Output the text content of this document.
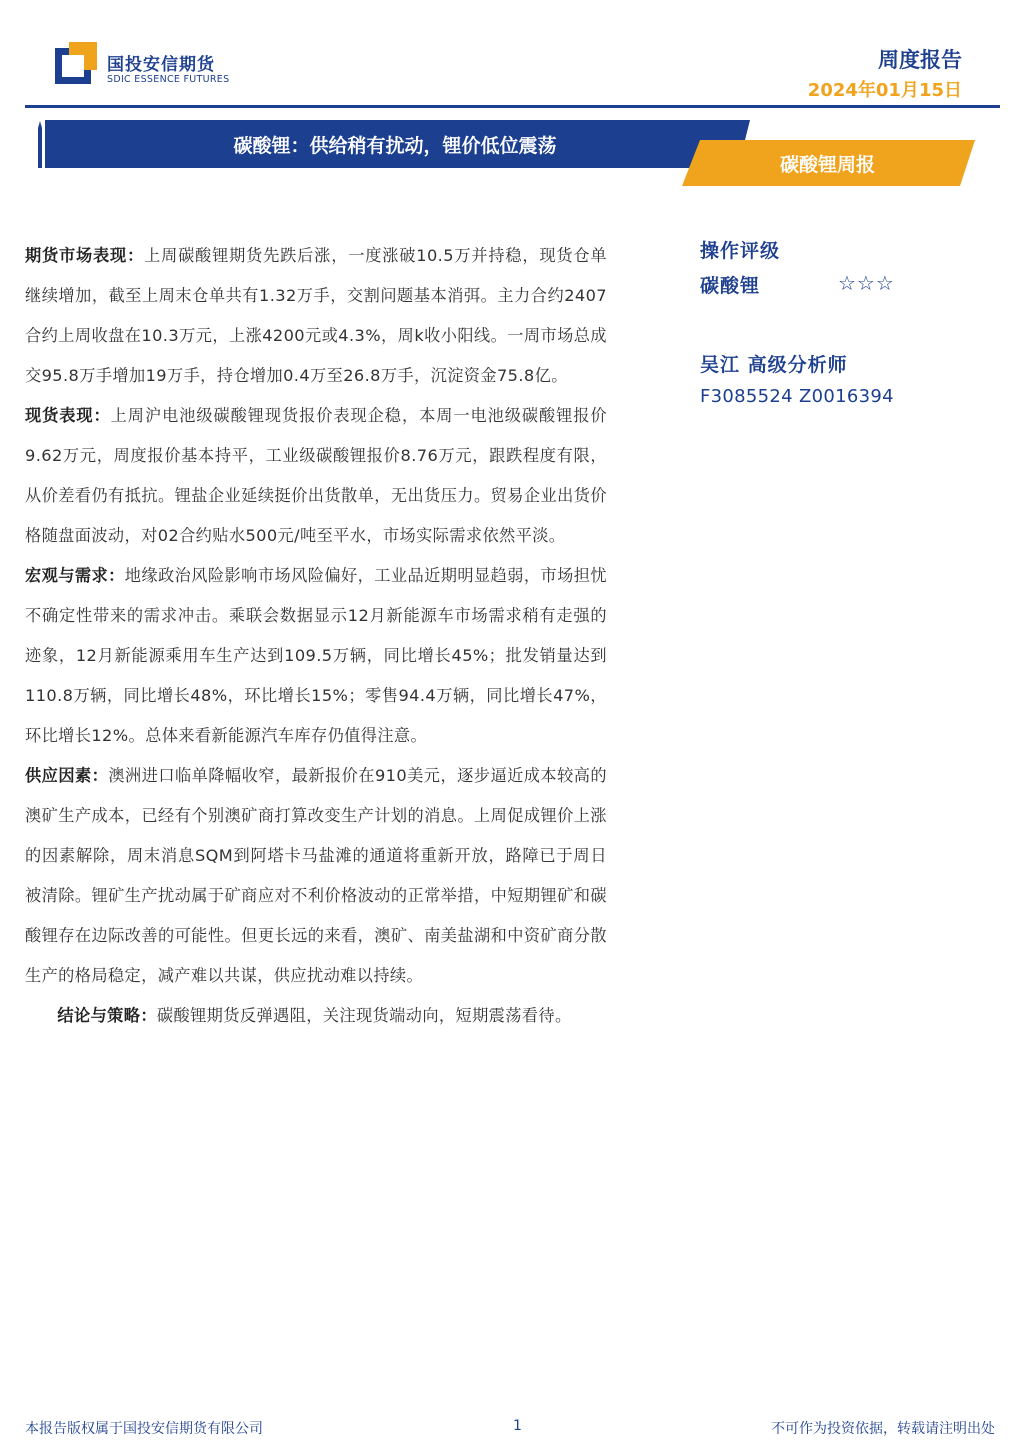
国投安信期货
SDIC ESSENCE FUTURES
周度报告
2024年01月15日
碳酸锂：供给稍有扰动，锂价低位震荡
碳酸锂周报

期货市场表现：上周碳酸锂期货先跌后涨，一度涨破10.5万并持稳，现货仓单继续增加，截至上周末仓单共有1.32万手，交割问题基本消弭。主力合约2407合约上周收盘在10.3万元，上涨4200元或4.3%，周k收小阳线。一周市场总成交95.8万手增加19万手，持仓增加0.4万至26.8万手，沉淀资金75.8亿。

现货表现：上周沪电池级碳酸锂现货报价表现企稳，本周一电池级碳酸锂报价9.62万元，周度报价基本持平，工业级碳酸锂报价8.76万元，跟跌程度有限，从价差看仍有抵抗。锂盐企业延续挺价出货散单，无出货压力。贸易企业出货价格随盘面波动，对02合约贴水500元/吨至平水，市场实际需求依然平淡。

宏观与需求：地缘政治风险影响市场风险偏好，工业品近期明显趋弱，市场担忧不确定性带来的需求冲击。乘联会数据显示12月新能源车市场需求稍有走强的迹象，12月新能源乘用车生产达到109.5万辆，同比增长45%；批发销量达到110.8万辆，同比增长48%，环比增长15%；零售94.4万辆，同比增长47%，环比增长12%。总体来看新能源汽车库存仍值得注意。

供应因素：澳洲进口临单降幅收窄，最新报价在910美元，逐步逼近成本较高的澳矿生产成本，已经有个别澳矿商打算改变生产计划的消息。上周促成锂价上涨的因素解除，周末消息SQM到阿塔卡马盐滩的通道将重新开放，路障已于周日被清除。锂矿生产扰动属于矿商应对不利价格波动的正常举措，中短期锂矿和碳酸锂存在边际改善的可能性。但更长远的来看，澳矿、南美盐湖和中资矿商分散生产的格局稳定，减产难以共谋，供应扰动难以持续。

结论与策略：碳酸锂期货反弹遇阻，关注现货端动向，短期震荡看待。

操作评级
碳酸锂	☆☆☆
吴江 高级分析师
F3085524 Z0016394
本报告版权属于国投安信期货有限公司	1	不可作为投资依据，转载请注明出处
